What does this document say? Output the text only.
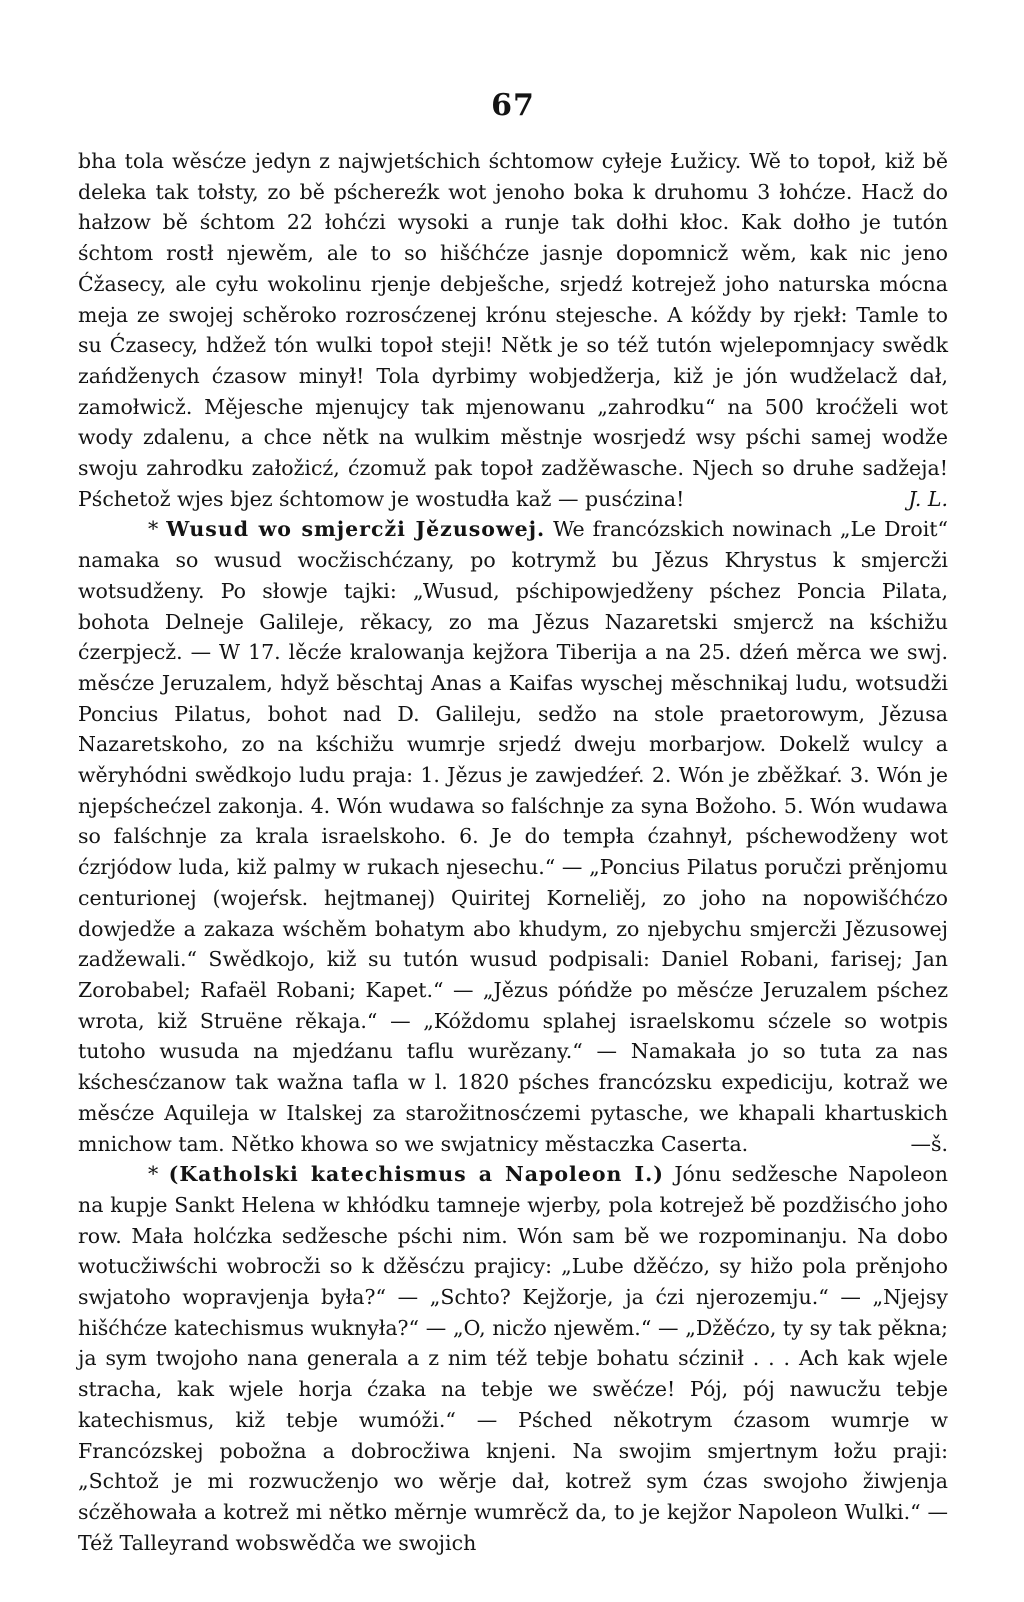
67

bha tola wěsćze jedyn z najwjetśchich śchtomow cyłeje Łužicy. Wě to topoł, kiž bě deleka tak tołsty, zo bě pśchereźk wot jenoho boka k druhomu 3 łohćze. Hacž do hałzow bě śchtom 22 łohćzi wysoki a runje tak dołhi kłoc. Kak dołho je tutón śchtom rostł njewěm, ale to so hišćhćze jasnje dopomnicž wěm, kak nic jeno Ćžasecy, ale cyłu wokolinu rjenje debješche, srjedź kotrejež joho naturska mócna meja ze swojej schěroko rozrosćzenej krónu stejesche. A kóždy by rjekł: Tamle to su Ćzasecy, hdžež tón wulki topoł steji! Nětk je so též tutón wjelepomnjacy swědk zańdženych ćzasow minył! Tola dyrbimy wobjedžerja, kiž je jón wudželacž dał, zamołwicž. Mějesche mjenujcy tak mjenowanu „zahrodku“ na 500 kroćželi wot wody zdalenu, a chce nětk na wulkim městnje wosrjedź wsy pśchi samej wodže swoju zahrodku załožicź, ćzomuž pak topoł zadžěwasche. Njech so druhe sadžeja! Pśchetož wjes bjez śchtomow je wostudła kaž — pusćzina!	J. L.

* Wusud wo smjercži Jězusowej. We francózskich nowinach „Le Droit“ namaka so wusud wocžischćzany, po kotrymž bu Jězus Khrystus k smjercži wotsudženy. Po słowje tajki: „Wusud, pśchipowjedženy pśchez Poncia Pilata, bohota Delneje Galileje, rěkacy, zo ma Jězus Nazaretski smjercž na kśchižu ćzerpjecž. — W 17. lěcźe kralowanja kejžora Tiberija a na 25. dźeń měrca we swj. měsćze Jeruzalem, hdyž běschtaj Anas a Kaifas wyschej měschnikaj ludu, wotsudži Poncius Pilatus, bohot nad D. Galileju, sedžo na stole praetorowym, Jězusa Nazaretskoho, zo na kśchižu wumrje srjedź dweju morbarjow. Dokelž wulcy a wěryhódni swědkojo ludu praja: 1. Jězus je zawjedźeŕ. 2. Wón je zběžkaŕ. 3. Wón je njepśchećzel zakonja. 4. Wón wudawa so falśchnje za syna Božoho. 5. Wón wudawa so falśchnje za krala israelskoho. 6. Je do tempła ćzahnył, pśchewodženy wot ćzrjódow luda, kiž palmy w rukach njesechu.“ — „Poncius Pilatus poručzi prěnjomu centurionej (wojeŕsk. hejtmanej) Quiritej Korneliěj, zo joho na nopowišćhćzo dowjedže a zakaza wśchěm bohatym abo khudym, zo njebychu smjercži Jězusowej zadžewali.“ Swědkojo, kiž su tutón wusud podpisali: Daniel Robani, farisej; Jan Zorobabel; Rafaël Robani; Kapet.“ — „Jězus póńdže po měsćze Jeruzalem pśchez wrota, kiž Struëne rěkaja.“ — „Kóždomu splahej israelskomu sćzele so wotpis tutoho wusuda na mjedźanu taflu wurězany.“ — Namakała jo so tuta za nas kśchesćzanow tak wažna tafla w l. 1820 pśches francózsku expediciju, kotraž we měsćze Aquileja w Italskej za starožitnosćzemi pytasche, we khapali khartuskich mnichow tam. Nětko khowa so we swjatnicy městaczka Caserta.	—š.

* (Katholski katechismus a Napoleon I.) Jónu sedžesche Napoleon na kupje Sankt Helena w khłódku tamneje wjerby, pola kotrejež bě pozdžisćho joho row. Mała holćzka sedžesche pśchi nim. Wón sam bě we rozpominanju. Na dobo wotucžiwśchi wobrocži so k džěsćzu prajicy: „Lube džěćzo, sy hižo pola prěnjoho swjatoho wopravjenja była?“ — „Schto? Kejžorje, ja ćzi njerozemju.“ — „Njejsy hišćhćze katechismus wuknyła?“ — „O, nicžo njewěm.“ — „Džěćzo, ty sy tak pěkna; ja sym twojoho nana generala a z nim též tebje bohatu sćzinił . . . Ach kak wjele stracha, kak wjele horja ćzaka na tebje we swěćze! Pój, pój nawucžu tebje katechismus, kiž tebje wumóži.“ — Pśched někotrym ćzasom wumrje w Francózskej pobožna a dobrocžiwa knjeni. Na swojim smjertnym łožu praji: „Schtož je mi rozwucženjo wo wěrje dał, kotrež sym ćzas swojoho žiwjenja sćzěhowała a kotrež mi nětko měrnje wumrěcž da, to je kejžor Napoleon Wulki.“ — Též Talleyrand wobswědča we swojich
